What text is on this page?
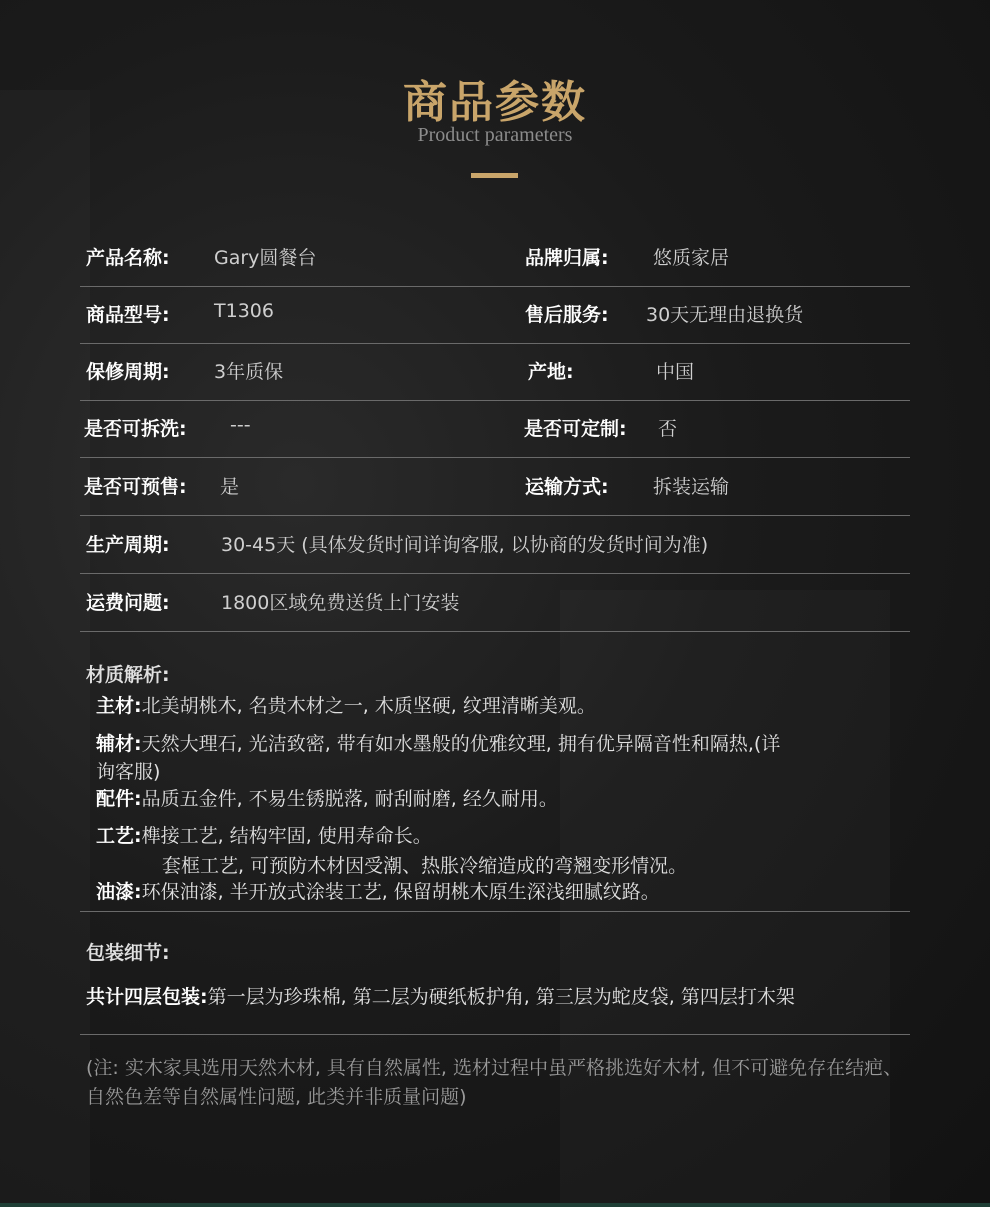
商品参数
Product parameters
产品名称: Gary圆餐台	品牌归属: 悠质家居
商品型号: T1306	售后服务: 30天无理由退换货
保修周期: 3年质保	产地:	中国
是否可拆洗: ---	是否可定制: 否
是否可预售: 是	运输方式: 拆装运输
生产周期:	30-45天 (具体发货时间详询客服, 以协商的发货时间为准)
运费问题:	1800区域免费送货上门安装
材质解析:
主材:北美胡桃木, 名贵木材之一, 木质坚硬, 纹理清晰美观。
辅材:天然大理石, 光洁致密, 带有如水墨般的优雅纹理, 拥有优异隔音性和隔热,(详
询客服)
配件:品质五金件, 不易生锈脱落, 耐刮耐磨, 经久耐用。
工艺:榫接工艺, 结构牢固, 使用寿命长。
套框工艺, 可预防木材因受潮、热胀冷缩造成的弯翘变形情况。
油漆:环保油漆, 半开放式涂装工艺, 保留胡桃木原生深浅细腻纹路。
包装细节:
共计四层包装:第一层为珍珠棉, 第二层为硬纸板护角, 第三层为蛇皮袋, 第四层打木架
(注: 实木家具选用天然木材, 具有自然属性, 选材过程中虽严格挑选好木材, 但不可避免存在结疤、自然色差等自然属性问题, 此类并非质量问题)
